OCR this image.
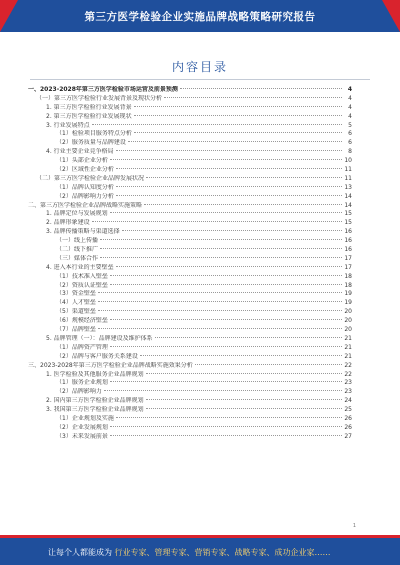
第三方医学检验企业实施品牌战略策略研究报告
内容目录
一、2023-2028年第三方医学检验市场运营及前景预测	4
（一）第三方医学检验行业发展背景及现状分析	4
1. 第三方医学检验行业发展背景	4
2. 第三方医学检验行业发展现状	4
3. 行业发展特点	5
（1）检验项目服务特点分析	6
（2）服务质量与品牌建设	6
4. 行业主要企业竞争格局	8
（1）头部企业分析	10
（2）区域性企业分析	11
（二）第三方医学检验企业品牌发展状况	11
（1）品牌认知度分析	13
（2）品牌影响力分析	14
二、第三方医学检验企业品牌战略实施策略	14
1. 品牌定位与发展规划	15
2. 品牌形象建设	15
3. 品牌传播策略与渠道选择	16
（一）线上传播	16
（二）线下推广	16
（三）媒体合作	17
4. 进入本行业的主要壁垒	17
（1）技术准入壁垒	18
（2）资质认证壁垒	18
（3）资金壁垒	19
（4）人才壁垒	19
（5）渠道壁垒	20
（6）规模经济壁垒	20
（7）品牌壁垒	20
5. 品牌管理（一）：品牌建设及维护体系	21
（1）品牌资产管理	21
（2）品牌与客户服务关系建设	21
三、2023-2028年第三方医学检验企业品牌战略实施效果分析	22
1. 医学检验及其他服务企业品牌规划	22
（1）服务企业规划	23
（2）品牌影响力	23
2. 国内第三方医学检验企业品牌规划	24
3. 我国第三方医学检验企业品牌规划	25
（1）企业规划及实施	26
（2）企业发展规划	26
（3）未来发展前景	27
1
让每个人都能成为 行业专家、管理专家、营销专家、战略专家、成功企业家……
